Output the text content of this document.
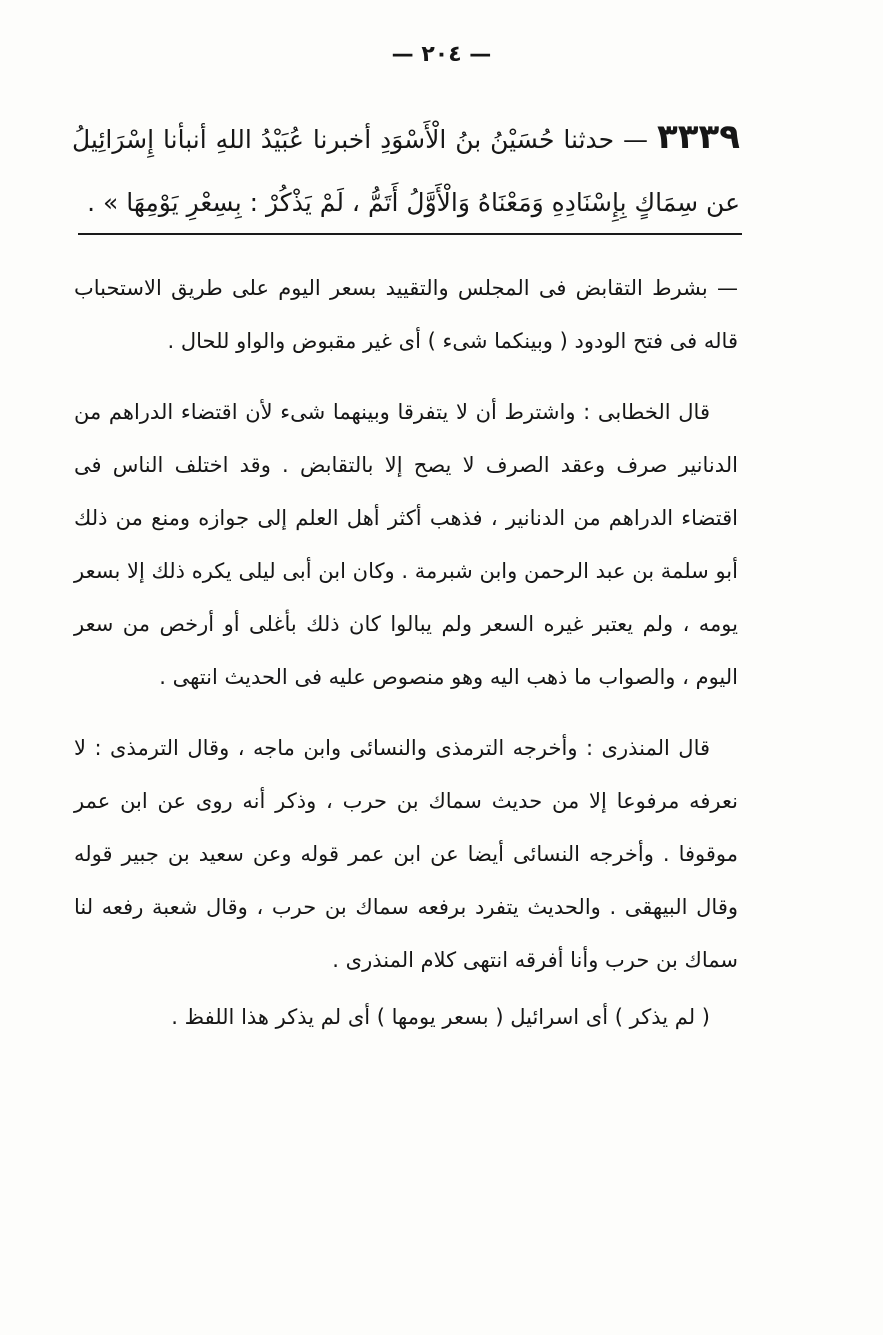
— ٢٠٤ —
٣٣٣٩ — حدثنا حُسَيْنُ بنُ الْأَسْوَدِ أخبرنا عُبَيْدُ اللهِ أنبأنا إِسْرَائِيلُ عن سِمَاكٍ بِإِسْنَادِهِ وَمَعْنَاهُ وَالْأَوَّلُ أَتَمُّ ، لَمْ يَذْكُرْ : بِسِعْرِ يَوْمِهَا » .

— بشرط التقابض فى المجلس والتقييد بسعر اليوم على طريق الاستحباب قاله فى فتح الودود ( وبينكما شىء ) أى غير مقبوض والواو للحال .

قال الخطابى : واشترط أن لا يتفرقا وبينهما شىء لأن اقتضاء الدراهم من الدنانير صرف وعقد الصرف لا يصح إلا بالتقابض . وقد اختلف الناس فى اقتضاء الدراهم من الدنانير ، فذهب أكثر أهل العلم إلى جوازه ومنع من ذلك أبو سلمة بن عبد الرحمن وابن شبرمة . وكان ابن أبى ليلى يكره ذلك إلا بسعر يومه ، ولم يعتبر غيره السعر ولم يبالوا كان ذلك بأغلى أو أرخص من سعر اليوم ، والصواب ما ذهب اليه وهو منصوص عليه فى الحديث انتهى .

قال المنذرى : وأخرجه الترمذى والنسائى وابن ماجه ، وقال الترمذى : لا نعرفه مرفوعا إلا من حديث سماك بن حرب ، وذكر أنه روى عن ابن عمر موقوفا . وأخرجه النسائى أيضا عن ابن عمر قوله وعن سعيد بن جبير قوله وقال البيهقى . والحديث يتفرد برفعه سماك بن حرب ، وقال شعبة رفعه لنا سماك بن حرب وأنا أفرقه انتهى كلام المنذرى .

( لم يذكر ) أى اسرائيل ( بسعر يومها ) أى لم يذكر هذا اللفظ .
